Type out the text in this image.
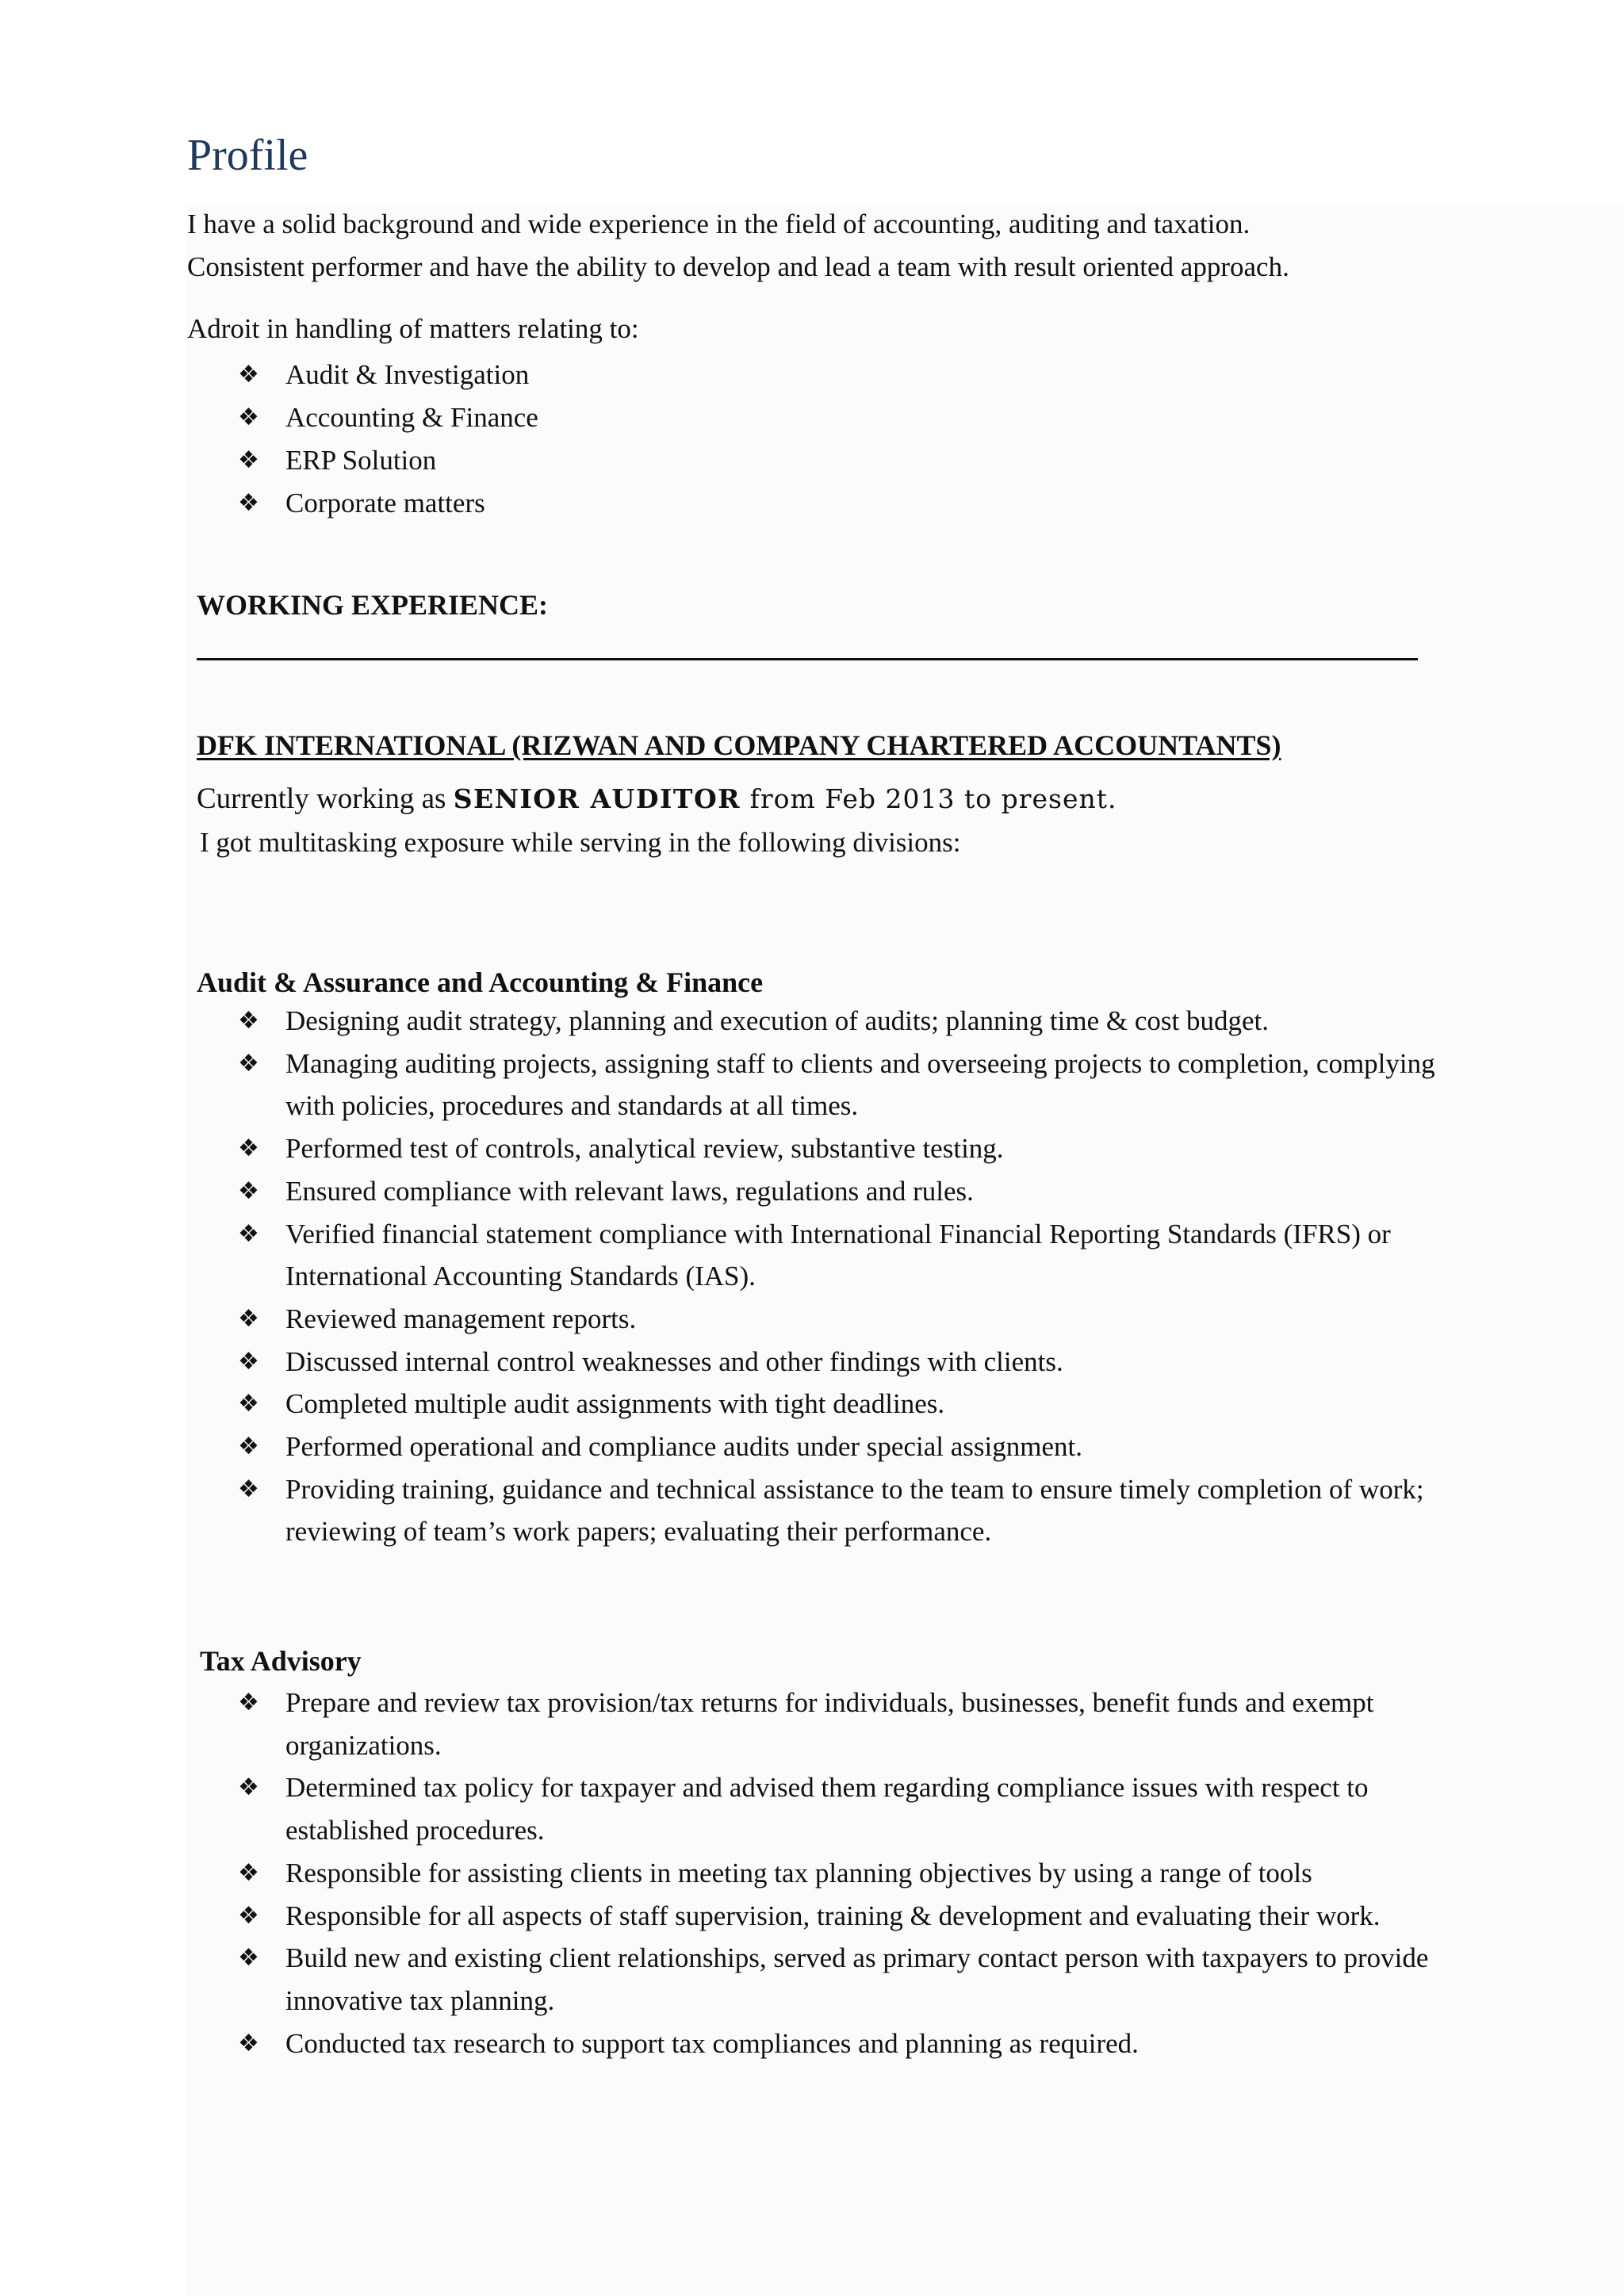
Profile
I have a solid background and wide experience in the field of accounting, auditing and taxation.
Consistent performer and have the ability to develop and lead a team with result oriented approach.
Adroit in handling of matters relating to:
❖ Audit & Investigation
❖ Accounting & Finance
❖ ERP Solution
❖ Corporate matters
WORKING EXPERIENCE:
DFK INTERNATIONAL (RIZWAN AND COMPANY CHARTERED ACCOUNTANTS)
Currently working as SENIOR AUDITOR from Feb 2013 to present.
I got multitasking exposure while serving in the following divisions:
Audit & Assurance and Accounting & Finance
❖ Designing audit strategy, planning and execution of audits; planning time & cost budget.
❖ Managing auditing projects, assigning staff to clients and overseeing projects to completion, complying
with policies, procedures and standards at all times.
❖ Performed test of controls, analytical review, substantive testing.
❖ Ensured compliance with relevant laws, regulations and rules.
❖ Verified financial statement compliance with International Financial Reporting Standards (IFRS) or
International Accounting Standards (IAS).
❖ Reviewed management reports.
❖ Discussed internal control weaknesses and other findings with clients.
❖ Completed multiple audit assignments with tight deadlines.
❖ Performed operational and compliance audits under special assignment.
❖ Providing training, guidance and technical assistance to the team to ensure timely completion of work;
reviewing of team’s work papers; evaluating their performance.
Tax Advisory
❖ Prepare and review tax provision/tax returns for individuals, businesses, benefit funds and exempt
organizations.
❖ Determined tax policy for taxpayer and advised them regarding compliance issues with respect to
established procedures.
❖ Responsible for assisting clients in meeting tax planning objectives by using a range of tools
❖ Responsible for all aspects of staff supervision, training & development and evaluating their work.
❖ Build new and existing client relationships, served as primary contact person with taxpayers to provide
innovative tax planning.
❖ Conducted tax research to support tax compliances and planning as required.
